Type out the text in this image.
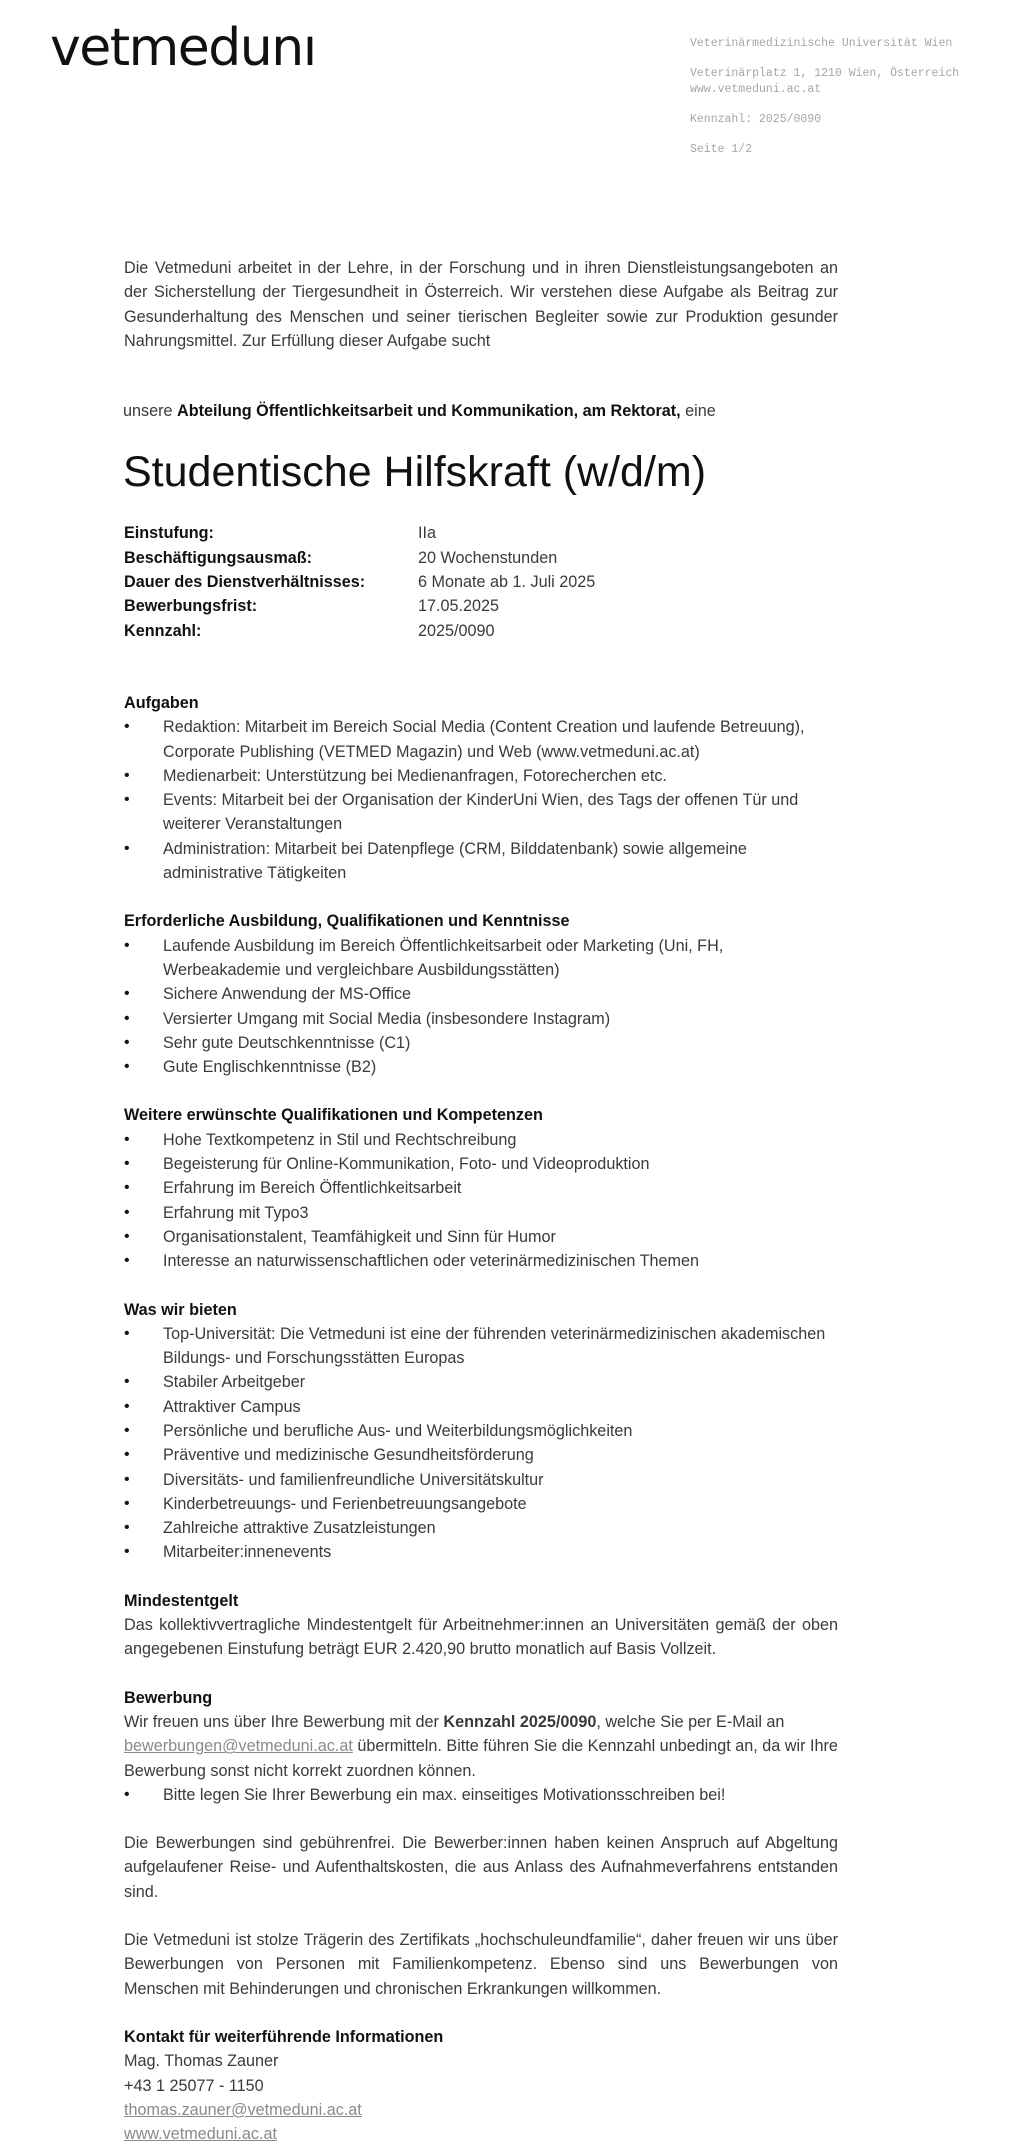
vetmedunı	Veterinärmedizinische Universität Wien
Veterinärplatz 1, 1210 Wien, Österreich
www.vetmeduni.ac.at
Kennzahl: 2025/0090
Seite 1/2

Die Vetmeduni arbeitet in der Lehre, in der Forschung und in ihren Dienstleistungsangeboten an der Sicherstellung der Tiergesundheit in Österreich. Wir verstehen diese Aufgabe als Beitrag zur Gesunderhaltung des Menschen und seiner tierischen Begleiter sowie zur Produktion gesunder Nahrungsmittel. Zur Erfüllung dieser Aufgabe sucht

unsere Abteilung Öffentlichkeitsarbeit und Kommunikation, am Rektorat, eine

Studentische Hilfskraft (w/d/m)
Einstufung:	IIa
Beschäftigungsausmaß:	20 Wochenstunden
Dauer des Dienstverhältnisses:	6 Monate ab 1. Juli 2025
Bewerbungsfrist:	17.05.2025
Kennzahl:	2025/0090
Aufgaben
• Redaktion: Mitarbeit im Bereich Social Media (Content Creation und laufende Betreuung), Corporate Publishing (VETMED Magazin) und Web (www.vetmeduni.ac.at)
• Medienarbeit: Unterstützung bei Medienanfragen, Fotorecherchen etc.
• Events: Mitarbeit bei der Organisation der KinderUni Wien, des Tags der offenen Tür und weiterer Veranstaltungen
• Administration: Mitarbeit bei Datenpflege (CRM, Bilddatenbank) sowie allgemeine administrative Tätigkeiten
Erforderliche Ausbildung, Qualifikationen und Kenntnisse
• Laufende Ausbildung im Bereich Öffentlichkeitsarbeit oder Marketing (Uni, FH, Werbeakademie und vergleichbare Ausbildungsstätten)
• Sichere Anwendung der MS-Office
• Versierter Umgang mit Social Media (insbesondere Instagram)
• Sehr gute Deutschkenntnisse (C1)
• Gute Englischkenntnisse (B2)
Weitere erwünschte Qualifikationen und Kompetenzen
• Hohe Textkompetenz in Stil und Rechtschreibung
• Begeisterung für Online-Kommunikation, Foto- und Videoproduktion
• Erfahrung im Bereich Öffentlichkeitsarbeit
• Erfahrung mit Typo3
• Organisationstalent, Teamfähigkeit und Sinn für Humor
• Interesse an naturwissenschaftlichen oder veterinärmedizinischen Themen
Was wir bieten
• Top-Universität: Die Vetmeduni ist eine der führenden veterinärmedizinischen akademischen Bildungs- und Forschungsstätten Europas
• Stabiler Arbeitgeber
• Attraktiver Campus
• Persönliche und berufliche Aus- und Weiterbildungsmöglichkeiten
• Präventive und medizinische Gesundheitsförderung
• Diversitäts- und familienfreundliche Universitätskultur
• Kinderbetreuungs- und Ferienbetreuungsangebote
• Zahlreiche attraktive Zusatzleistungen
• Mitarbeiter:innenevents
Mindestentgelt

Das kollektivvertragliche Mindestentgelt für Arbeitnehmer:innen an Universitäten gemäß der oben angegebenen Einstufung beträgt EUR 2.420,90 brutto monatlich auf Basis Vollzeit.

Bewerbung

Wir freuen uns über Ihre Bewerbung mit der Kennzahl 2025/0090, welche Sie per E-Mail an bewerbungen@vetmeduni.ac.at übermitteln. Bitte führen Sie die Kennzahl unbedingt an, da wir Ihre Bewerbung sonst nicht korrekt zuordnen können.

• Bitte legen Sie Ihrer Bewerbung ein max. einseitiges Motivationsschreiben bei!

Die Bewerbungen sind gebührenfrei. Die Bewerber:innen haben keinen Anspruch auf Abgeltung aufgelaufener Reise- und Aufenthaltskosten, die aus Anlass des Aufnahmeverfahrens entstanden sind.

Die Vetmeduni ist stolze Trägerin des Zertifikats „hochschuleundfamilie“, daher freuen wir uns über Bewerbungen von Personen mit Familienkompetenz. Ebenso sind uns Bewerbungen von Menschen mit Behinderungen und chronischen Erkrankungen willkommen.

Kontakt für weiterführende Informationen
Mag. Thomas Zauner
+43 1 25077 - 1150
thomas.zauner@vetmeduni.ac.at
www.vetmeduni.ac.at
